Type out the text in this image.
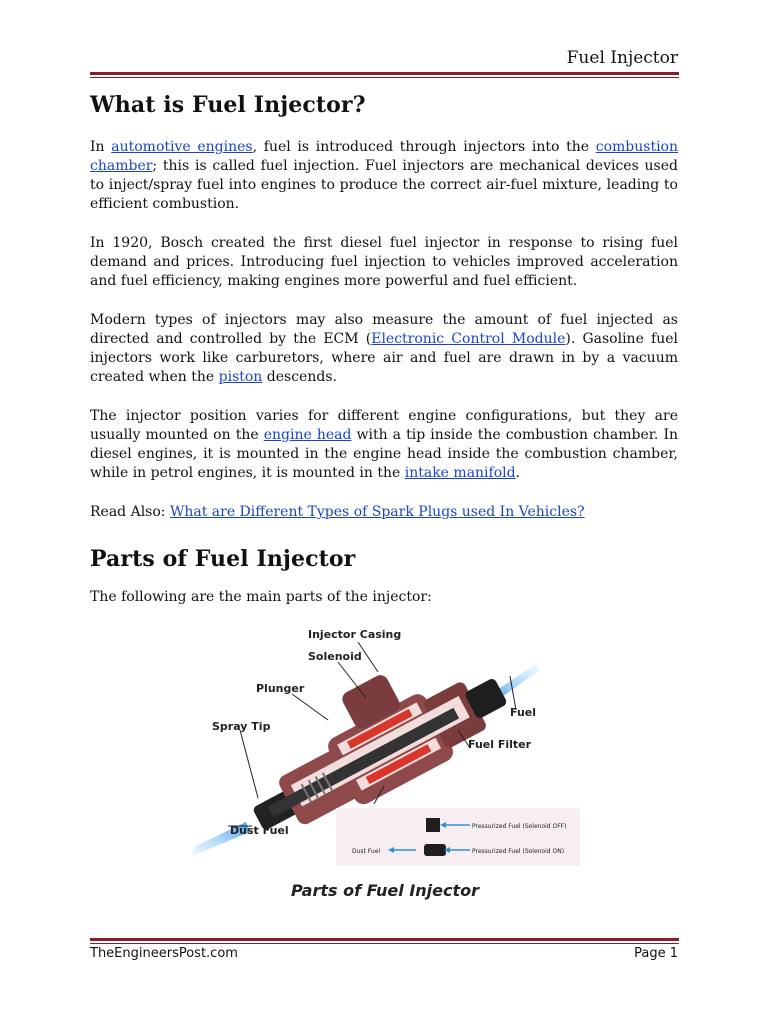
Fuel Injector
What is Fuel Injector?

In automotive engines, fuel is introduced through injectors into the combustion chamber; this is called fuel injection. Fuel injectors are mechanical devices used to inject/spray fuel into engines to produce the correct air-fuel mixture, leading to efficient combustion.

In 1920, Bosch created the first diesel fuel injector in response to rising fuel demand and prices. Introducing fuel injection to vehicles improved acceleration and fuel efficiency, making engines more powerful and fuel efficient.

Modern types of injectors may also measure the amount of fuel injected as directed and controlled by the ECM (Electronic Control Module). Gasoline fuel injectors work like carburetors, where air and fuel are drawn in by a vacuum created when the piston descends.

The injector position varies for different engine configurations, but they are usually mounted on the engine head with a tip inside the combustion chamber. In diesel engines, it is mounted in the engine head inside the combustion chamber, while in petrol engines, it is mounted in the intake manifold.

Read Also: What are Different Types of Spark Plugs used In Vehicles?

Parts of Fuel Injector

The following are the main parts of the injector:

Injector Casing
Solenoid
Plunger
Spray Tip
Fuel
Fuel Filter
Dust Fuel	Pressurized Fuel (Solenoid OFF)
Pressurized Fuel (Solenoid ON)
Dust Fuel
Parts of Fuel Injector
TheEngineersPost.com	Page 1
